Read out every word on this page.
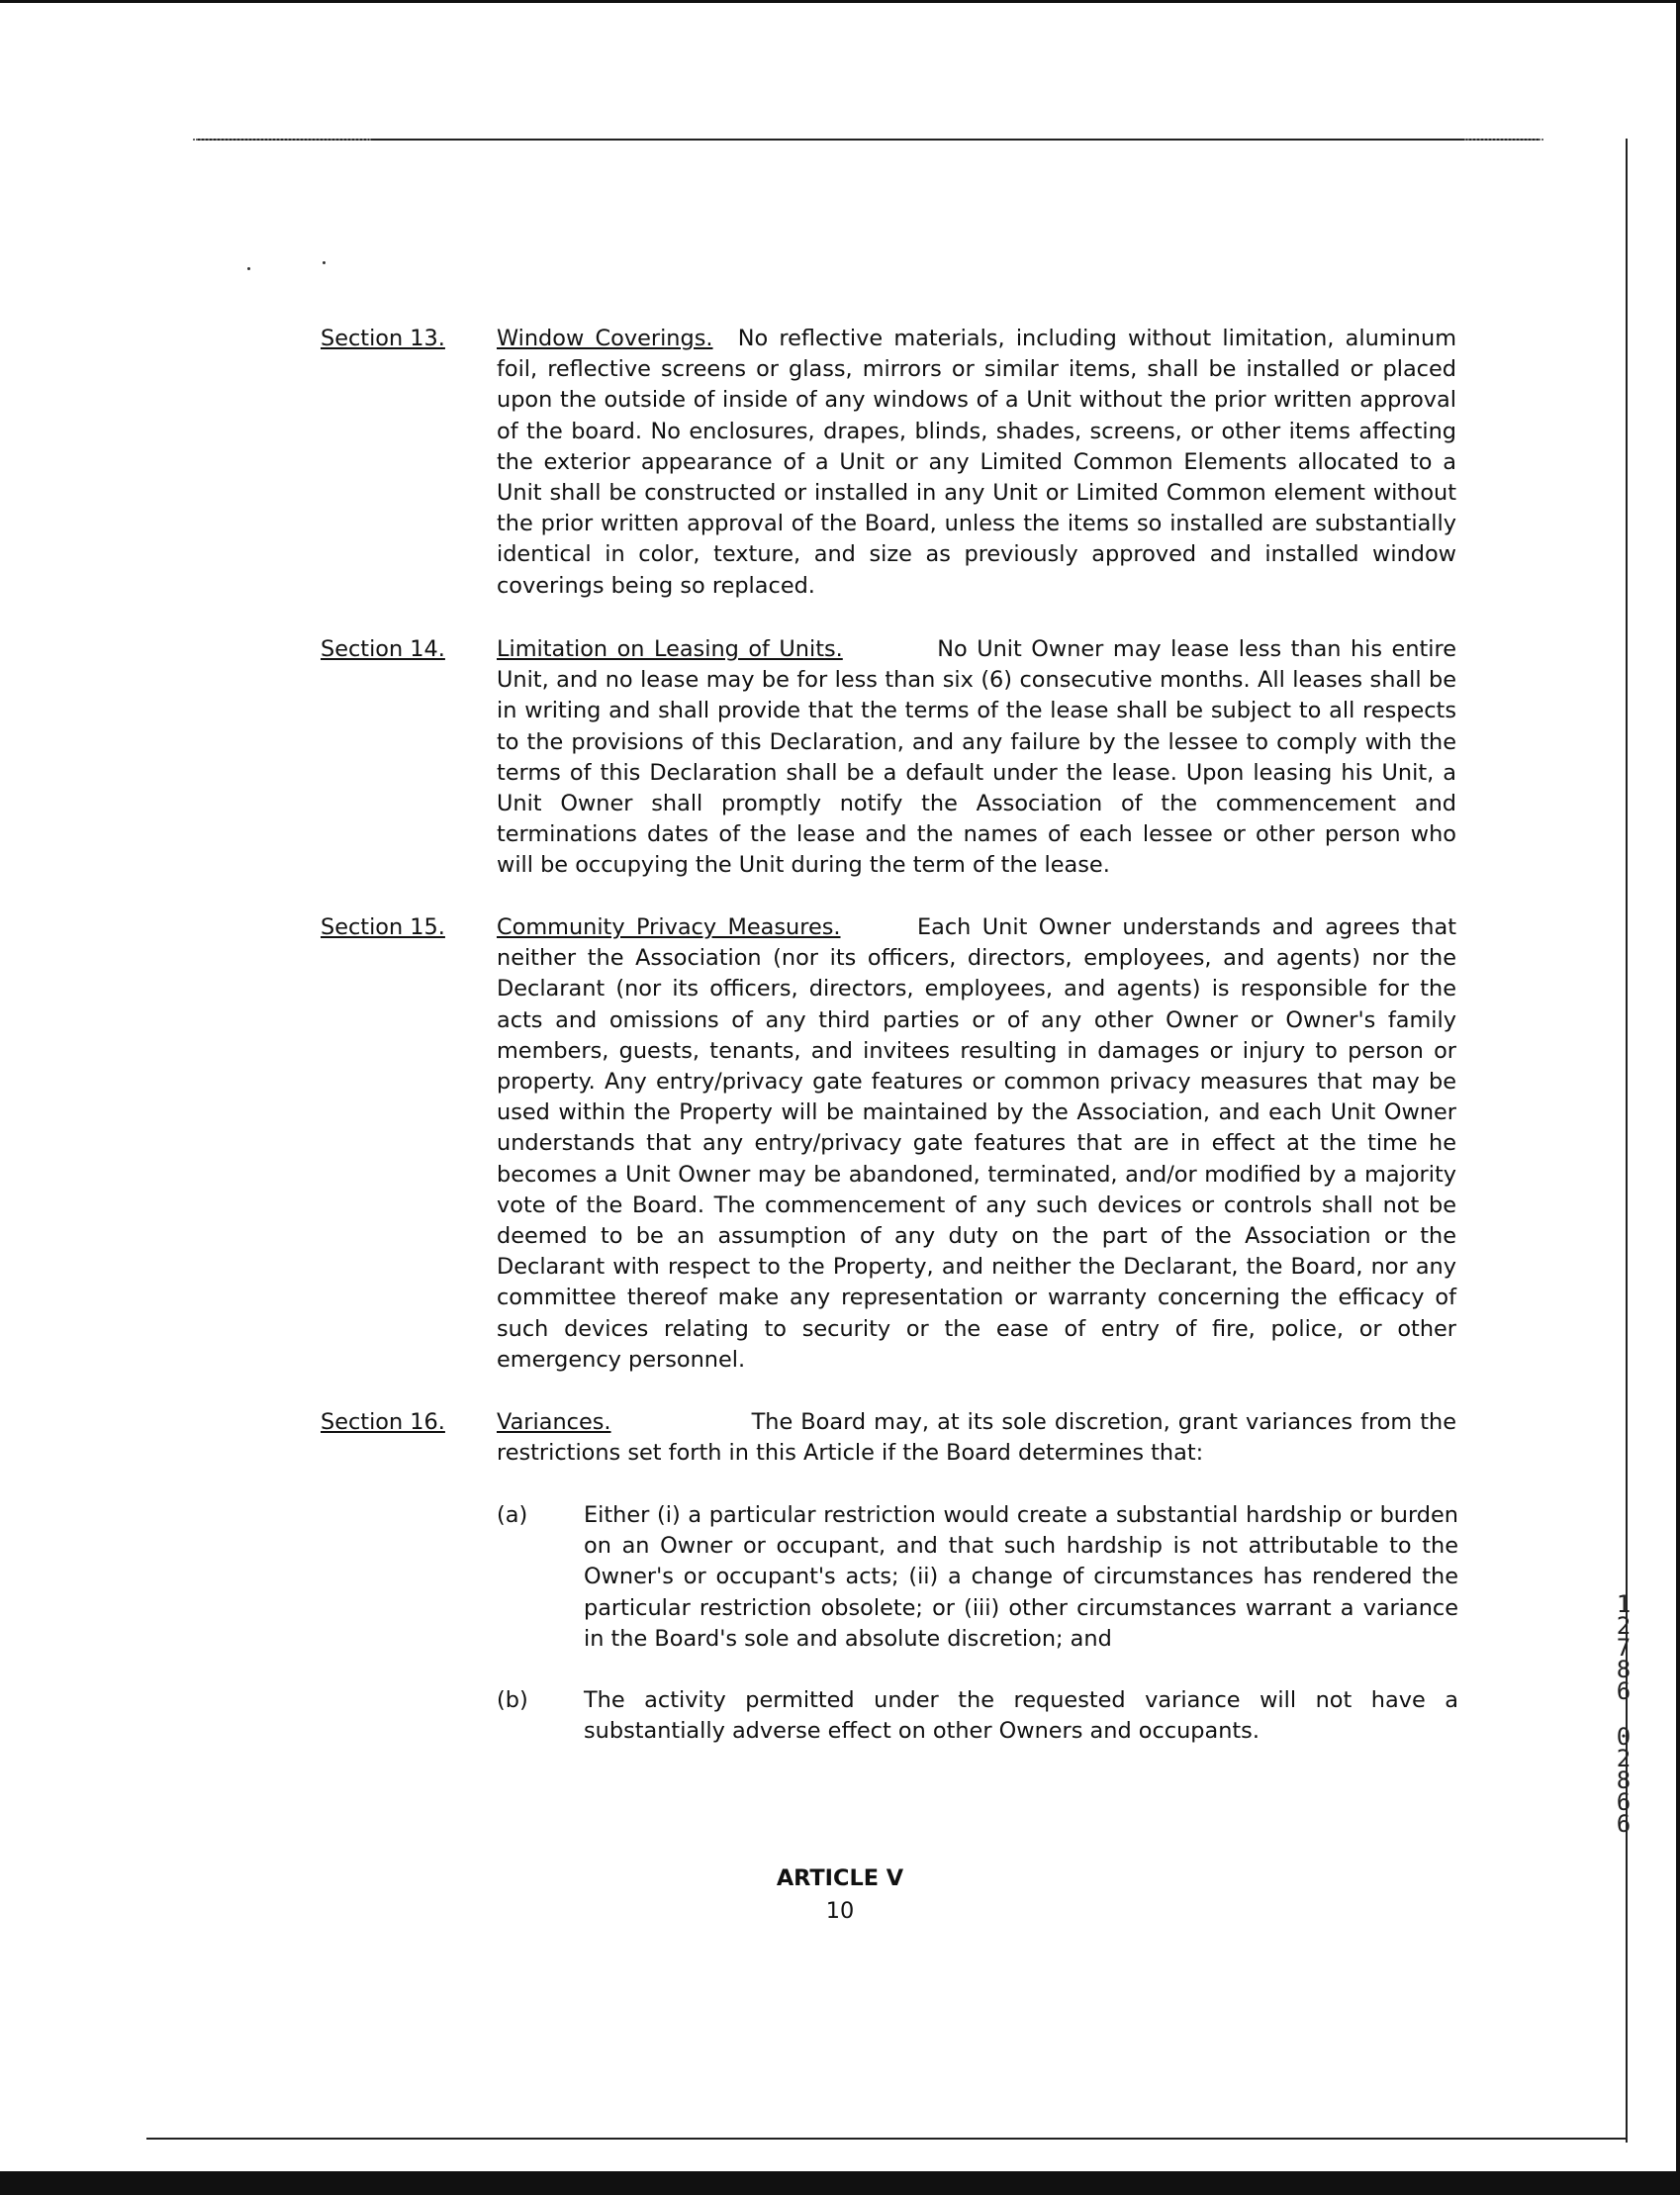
Section 13.	Window Coverings. No reflective materials, including without limitation, aluminum foil, reflective screens or glass, mirrors or similar items, shall be installed or placed upon the outside of inside of any windows of a Unit without the prior written approval of the board. No enclosures, drapes, blinds, shades, screens, or other items affecting the exterior appearance of a Unit or any Limited Common Elements allocated to a Unit shall be constructed or installed in any Unit or Limited Common element without the prior written approval of the Board, unless the items so installed are substantially identical in color, texture, and size as previously approved and installed window coverings being so replaced.
Section 14.	Limitation on Leasing of Units.	No Unit Owner may lease less than his entire Unit, and no lease may be for less than six (6) consecutive months. All leases shall be in writing and shall provide that the terms of the lease shall be subject to all respects to the provisions of this Declaration, and any failure by the lessee to comply with the terms of this Declaration shall be a default under the lease. Upon leasing his Unit, a Unit Owner shall promptly notify the Association of the commencement and terminations dates of the lease and the names of each lessee or other person who will be occupying the Unit during the term of the lease.
Section 15.	Community Privacy Measures.	Each Unit Owner understands and agrees that neither the Association (nor its officers, directors, employees, and agents) nor the Declarant (nor its officers, directors, employees, and agents) is responsible for the acts and omissions of any third parties or of any other Owner or Owner's family members, guests, tenants, and invitees resulting in damages or injury to person or property. Any entry/privacy gate features or common privacy measures that may be used within the Property will be maintained by the Association, and each Unit Owner understands that any entry/privacy gate features that are in effect at the time he becomes a Unit Owner may be abandoned, terminated, and/or modified by a majority vote of the Board. The commencement of any such devices or controls shall not be deemed to be an assumption of any duty on the part of the Association or the Declarant with respect to the Property, and neither the Declarant, the Board, nor any committee thereof make any representation or warranty concerning the efficacy of such devices relating to security or the ease of entry of fire, police, or other emergency personnel.
Section 16.	Variances.	The Board may, at its sole discretion, grant variances from the restrictions set forth in this Article if the Board determines that:
(a)	Either (i) a particular restriction would create a substantial hardship or burden on an Owner or occupant, and that such hardship is not attributable to the Owner's or occupant's acts; (ii) a change of circumstances has rendered the particular restriction obsolete; or (iii) other circumstances warrant a variance in the Board's sole and absolute discretion; and
(b)	The activity permitted under the requested variance will not have a substantially adverse effect on other Owners and occupants.
ARTICLE V
10
12786
02866
